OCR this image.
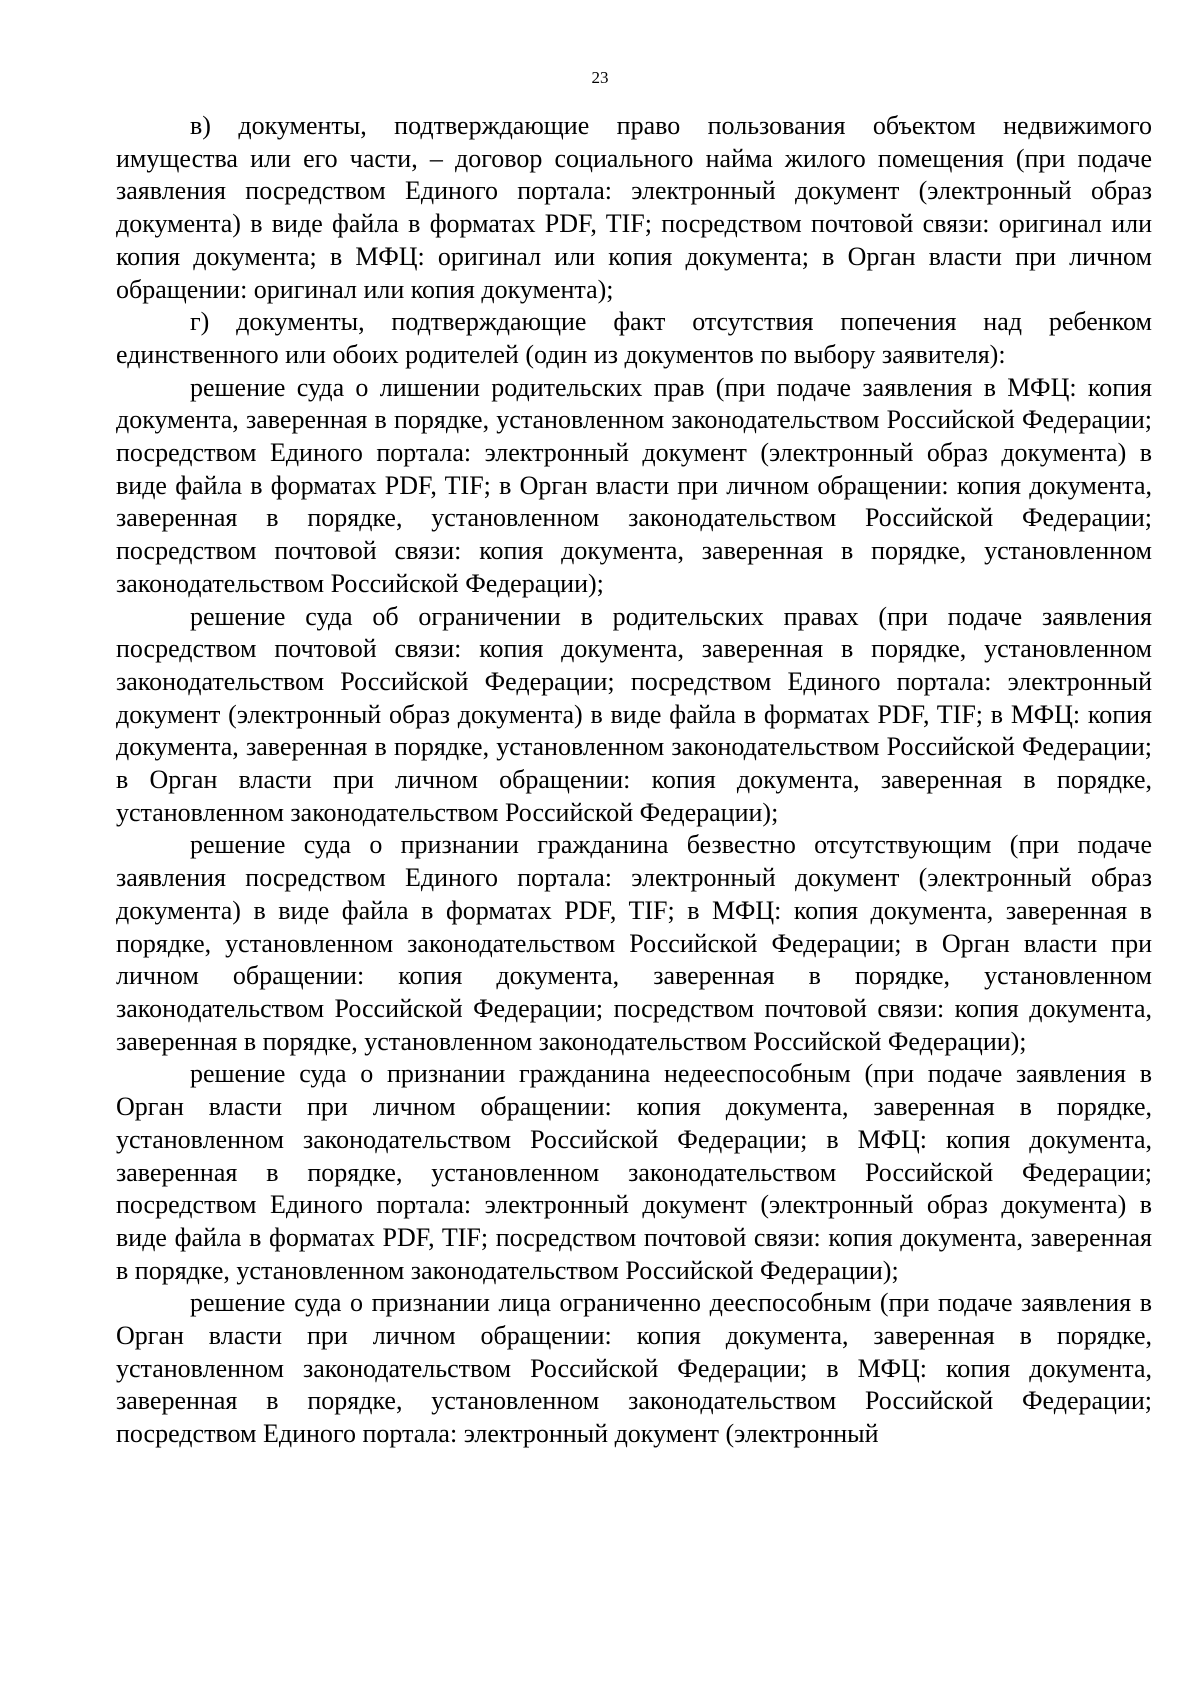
23

в) документы, подтверждающие право пользования объектом недвижимого имущества или его части, – договор социального найма жилого помещения (при подаче заявления посредством Единого портала: электронный документ (электронный образ документа) в виде файла в форматах PDF, TIF; посредством почтовой связи: оригинал или копия документа; в МФЦ: оригинал или копия документа; в Орган власти при личном обращении: оригинал или копия документа);

г) документы, подтверждающие факт отсутствия попечения над ребенком единственного или обоих родителей (один из документов по выбору заявителя):

решение суда о лишении родительских прав (при подаче заявления в МФЦ: копия документа, заверенная в порядке, установленном законодательством Российской Федерации; посредством Единого портала: электронный документ (электронный образ документа) в виде файла в форматах PDF, TIF; в Орган власти при личном обращении: копия документа, заверенная в порядке, установленном законодательством Российской Федерации; посредством почтовой связи: копия документа, заверенная в порядке, установленном законодательством Российской Федерации);

решение суда об ограничении в родительских правах (при подаче заявления посредством почтовой связи: копия документа, заверенная в порядке, установленном законодательством Российской Федерации; посредством Единого портала: электронный документ (электронный образ документа) в виде файла в форматах PDF, TIF; в МФЦ: копия документа, заверенная в порядке, установленном законодательством Российской Федерации; в Орган власти при личном обращении: копия документа, заверенная в порядке, установленном законодательством Российской Федерации);

решение суда о признании гражданина безвестно отсутствующим (при подаче заявления посредством Единого портала: электронный документ (электронный образ документа) в виде файла в форматах PDF, TIF; в МФЦ: копия документа, заверенная в порядке, установленном законодательством Российской Федерации; в Орган власти при личном обращении: копия документа, заверенная в порядке, установленном законодательством Российской Федерации; посредством почтовой связи: копия документа, заверенная в порядке, установленном законодательством Российской Федерации);

решение суда о признании гражданина недееспособным (при подаче заявления в Орган власти при личном обращении: копия документа, заверенная в порядке, установленном законодательством Российской Федерации; в МФЦ: копия документа, заверенная в порядке, установленном законодательством Российской Федерации; посредством Единого портала: электронный документ (электронный образ документа) в виде файла в форматах PDF, TIF; посредством почтовой связи: копия документа, заверенная в порядке, установленном законодательством Российской Федерации);

решение суда о признании лица ограниченно дееспособным (при подаче заявления в Орган власти при личном обращении: копия документа, заверенная в порядке, установленном законодательством Российской Федерации; в МФЦ: копия документа, заверенная в порядке, установленном законодательством Российской Федерации; посредством Единого портала: электронный документ (электронный
